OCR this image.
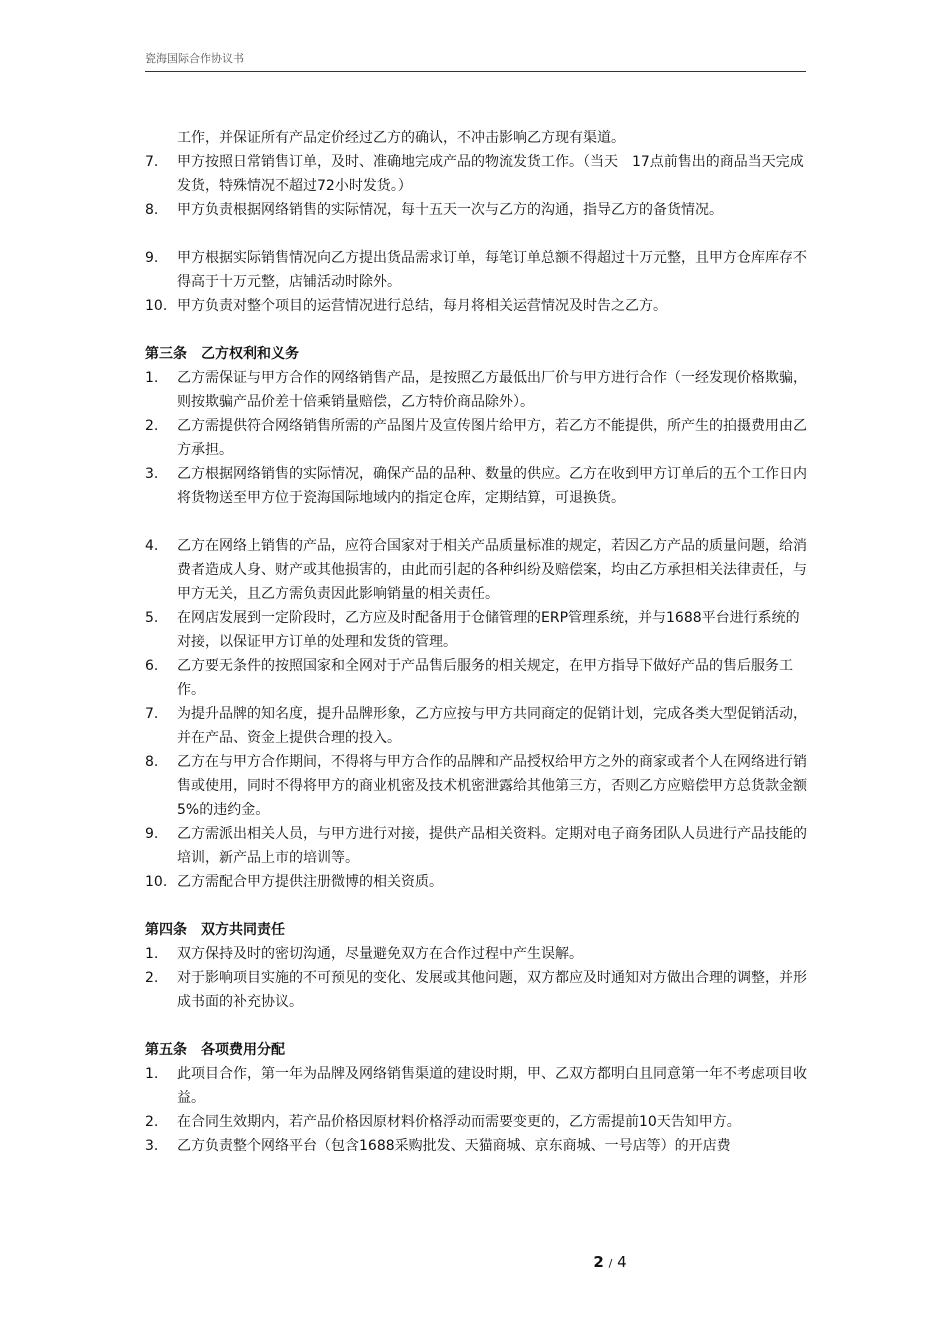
瓷海国际合作协议书
工作，并保证所有产品定价经过乙方的确认，不冲击影响乙方现有渠道。
7.	甲方按照日常销售订单，及时、准确地完成产品的物流发货工作。（当天　17点前售出的商品当天完成发货，特殊情况不超过72小时发货。）
8.	甲方负责根据网络销售的实际情况，每十五天一次与乙方的沟通，指导乙方的备货情况。
9.	甲方根据实际销售情况向乙方提出货品需求订单，每笔订单总额不得超过十万元整，且甲方仓库库存不得高于十万元整，店铺活动时除外。
10. 甲方负责对整个项目的运营情况进行总结，每月将相关运营情况及时告之乙方。
第三条　乙方权利和义务
1.	乙方需保证与甲方合作的网络销售产品，是按照乙方最低出厂价与甲方进行合作（一经发现价格欺骗，则按欺骗产品价差十倍乘销量赔偿，乙方特价商品除外）。
2.	乙方需提供符合网络销售所需的产品图片及宣传图片给甲方，若乙方不能提供，所产生的拍摄费用由乙方承担。
3.	乙方根据网络销售的实际情况，确保产品的品种、数量的供应。乙方在收到甲方订单后的五个工作日内将货物送至甲方位于瓷海国际地域内的指定仓库，定期结算，可退换货。
4.	乙方在网络上销售的产品，应符合国家对于相关产品质量标准的规定，若因乙方产品的质量问题，给消费者造成人身、财产或其他损害的，由此而引起的各种纠纷及赔偿案，均由乙方承担相关法律责任，与甲方无关，且乙方需负责因此影响销量的相关责任。
5.	在网店发展到一定阶段时，乙方应及时配备用于仓储管理的ERP管理系统，并与1688平台进行系统的对接，以保证甲方订单的处理和发货的管理。
6.	乙方要无条件的按照国家和全网对于产品售后服务的相关规定，在甲方指导下做好产品的售后服务工作。
7.	为提升品牌的知名度，提升品牌形象，乙方应按与甲方共同商定的促销计划，完成各类大型促销活动，并在产品、资金上提供合理的投入。
8.	乙方在与甲方合作期间，不得将与甲方合作的品牌和产品授权给甲方之外的商家或者个人在网络进行销售或使用，同时不得将甲方的商业机密及技术机密泄露给其他第三方，否则乙方应赔偿甲方总货款金额5%的违约金。
9.	乙方需派出相关人员，与甲方进行对接，提供产品相关资料。定期对电子商务团队人员进行产品技能的培训，新产品上市的培训等。
10. 乙方需配合甲方提供注册微博的相关资质。
第四条　双方共同责任
1.	双方保持及时的密切沟通，尽量避免双方在合作过程中产生误解。
2.	对于影响项目实施的不可预见的变化、发展或其他问题，双方都应及时通知对方做出合理的调整，并形成书面的补充协议。
第五条　各项费用分配
1.	此项目合作，第一年为品牌及网络销售渠道的建设时期，甲、乙双方都明白且同意第一年不考虑项目收益。
2.	在合同生效期内，若产品价格因原材料价格浮动而需要变更的，乙方需提前10天告知甲方。
3.	乙方负责整个网络平台（包含1688采购批发、天猫商城、京东商城、一号店等）的开店费
2 / 4
